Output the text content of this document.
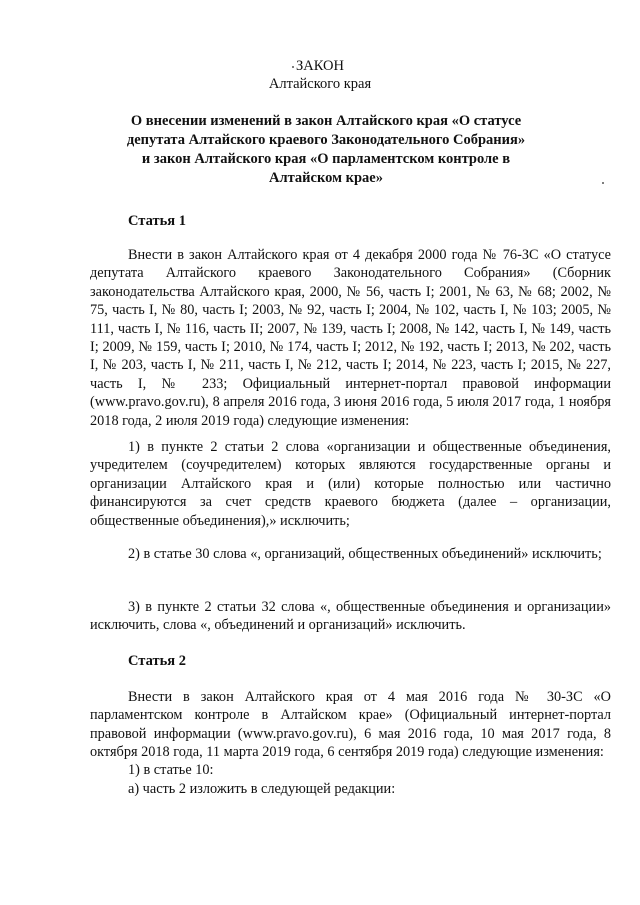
ЗАКОН
Алтайского края
О внесении изменений в закон Алтайского края «О статусе депутата Алтайского краевого Законодательного Собрания» и закон Алтайского края «О парламентском контроле в Алтайском крае»
Статья 1
Внести в закон Алтайского края от 4 декабря 2000 года № 76-ЗС «О статусе депутата Алтайского краевого Законодательного Собрания» (Сборник законодательства Алтайского края, 2000, № 56, часть I; 2001, № 63, № 68; 2002, № 75, часть I, № 80, часть I; 2003, № 92, часть I; 2004, № 102, часть I, № 103; 2005, № 111, часть I, № 116, часть II; 2007, № 139, часть I; 2008, № 142, часть I, № 149, часть I; 2009, № 159, часть I; 2010, № 174, часть I; 2012, № 192, часть I; 2013, № 202, часть I, № 203, часть I, № 211, часть I, № 212, часть I; 2014, № 223, часть I; 2015, № 227, часть I, № 233; Официальный интернет-портал правовой информации (www.pravo.gov.ru), 8 апреля 2016 года, 3 июня 2016 года, 5 июля 2017 года, 1 ноября 2018 года, 2 июля 2019 года) следующие изменения:
1) в пункте 2 статьи 2 слова «организации и общественные объединения, учредителем (соучредителем) которых являются государственные органы и организации Алтайского края и (или) которые полностью или частично финансируются за счет средств краевого бюджета (далее – организации, общественные объединения),» исключить;
2) в статье 30 слова «, организаций, общественных объединений» исключить;
3) в пункте 2 статьи 32 слова «, общественные объединения и организации» исключить, слова «, объединений и организаций» исключить.
Статья 2
Внести в закон Алтайского края от 4 мая 2016 года № 30-ЗС «О парламентском контроле в Алтайском крае» (Официальный интернет-портал правовой информации (www.pravo.gov.ru), 6 мая 2016 года, 10 мая 2017 года, 8 октября 2018 года, 11 марта 2019 года, 6 сентября 2019 года) следующие изменения:
1) в статье 10:
а) часть 2 изложить в следующей редакции:
